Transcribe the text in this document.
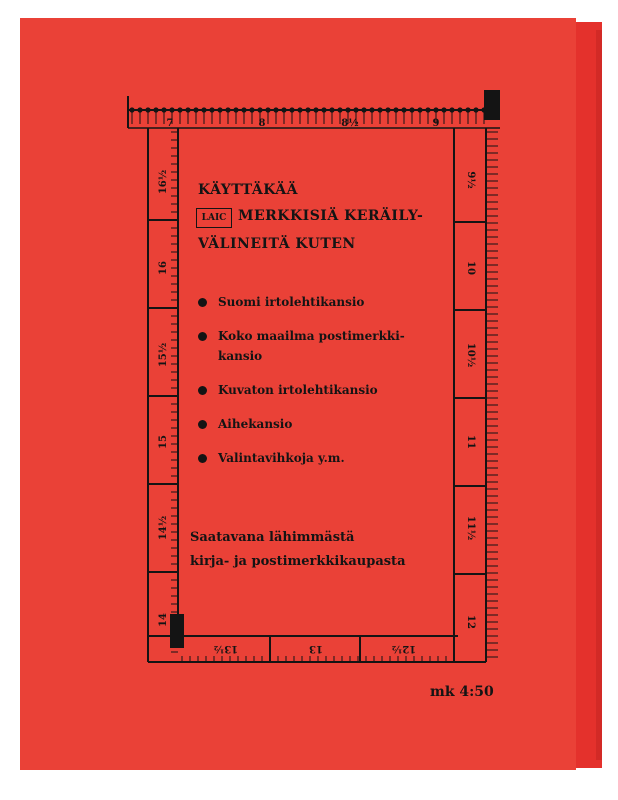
7	8	8½	9
16½
16
15½
15
14½
14
9½
10
10½
11
11½
12
13½	13	12½
KÄYTTÄKÄÄ
LAIC MERKKISIÄ KERÄILY-
VÄLINEITÄ KUTEN
Suomi irtolehtikansio
Koko maailma postimerkki-
kansio
Kuvaton irtolehtikansio
Aihekansio
Valintavihkoja y.m.
Saatavana lähimmästä
kirja- ja postimerkkikaupasta
mk 4:50
